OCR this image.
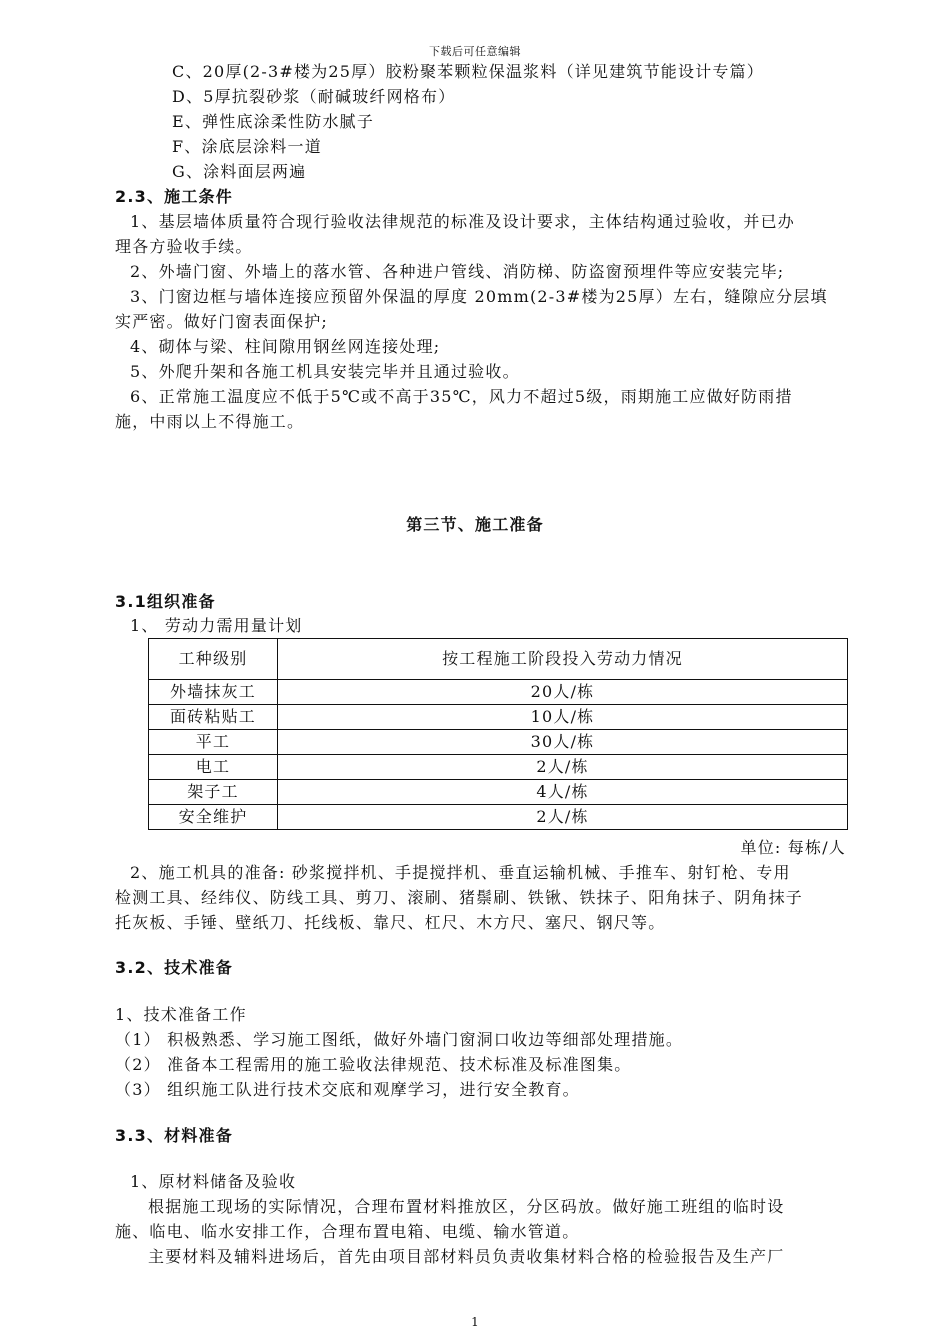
下载后可任意编辑
C、20厚(2-3#楼为25厚）胶粉聚苯颗粒保温浆料（详见建筑节能设计专篇）
D、5厚抗裂砂浆（耐碱玻纤网格布）
E、弹性底涂柔性防水腻子
F、涂底层涂料一道
G、涂料面层两遍
2.3、施工条件
1、基层墙体质量符合现行验收法律规范的标准及设计要求，主体结构通过验收，并已办
理各方验收手续。
2、外墙门窗、外墙上的落水管、各种进户管线、消防梯、防盗窗预埋件等应安装完毕;
3、门窗边框与墙体连接应预留外保温的厚度 20mm(2-3#楼为25厚）左右，缝隙应分层填
实严密。做好门窗表面保护;
4、砌体与梁、柱间隙用钢丝网连接处理;
5、外爬升架和各施工机具安装完毕并且通过验收。
6、正常施工温度应不低于5℃或不高于35℃，风力不超过5级，雨期施工应做好防雨措
施，中雨以上不得施工。
第三节、施工准备
3.1组织准备
1、 劳动力需用量计划
工种级别	按工程施工阶段投入劳动力情况
外墙抹灰工	20人/栋
面砖粘贴工	10人/栋
平工	30人/栋
电工	2人/栋
架子工	4人/栋
安全维护	2人/栋
单位: 每栋/人
2、施工机具的准备: 砂浆搅拌机、手提搅拌机、垂直运输机械、手推车、射钉枪、专用
检测工具、经纬仪、防线工具、剪刀、滚刷、猪鬃刷、铁锹、铁抹子、阳角抹子、阴角抹子
托灰板、手锤、壁纸刀、托线板、靠尺、杠尺、木方尺、塞尺、钢尺等。
3.2、技术准备
1、技术准备工作
（1） 积极熟悉、学习施工图纸，做好外墙门窗洞口收边等细部处理措施。
（2） 准备本工程需用的施工验收法律规范、技术标准及标准图集。
（3） 组织施工队进行技术交底和观摩学习，进行安全教育。
3.3、材料准备
1、原材料储备及验收
根据施工现场的实际情况，合理布置材料推放区，分区码放。做好施工班组的临时设
施、临电、临水安排工作，合理布置电箱、电缆、输水管道。
主要材料及辅料进场后，首先由项目部材料员负责收集材料合格的检验报告及生产厂
1
